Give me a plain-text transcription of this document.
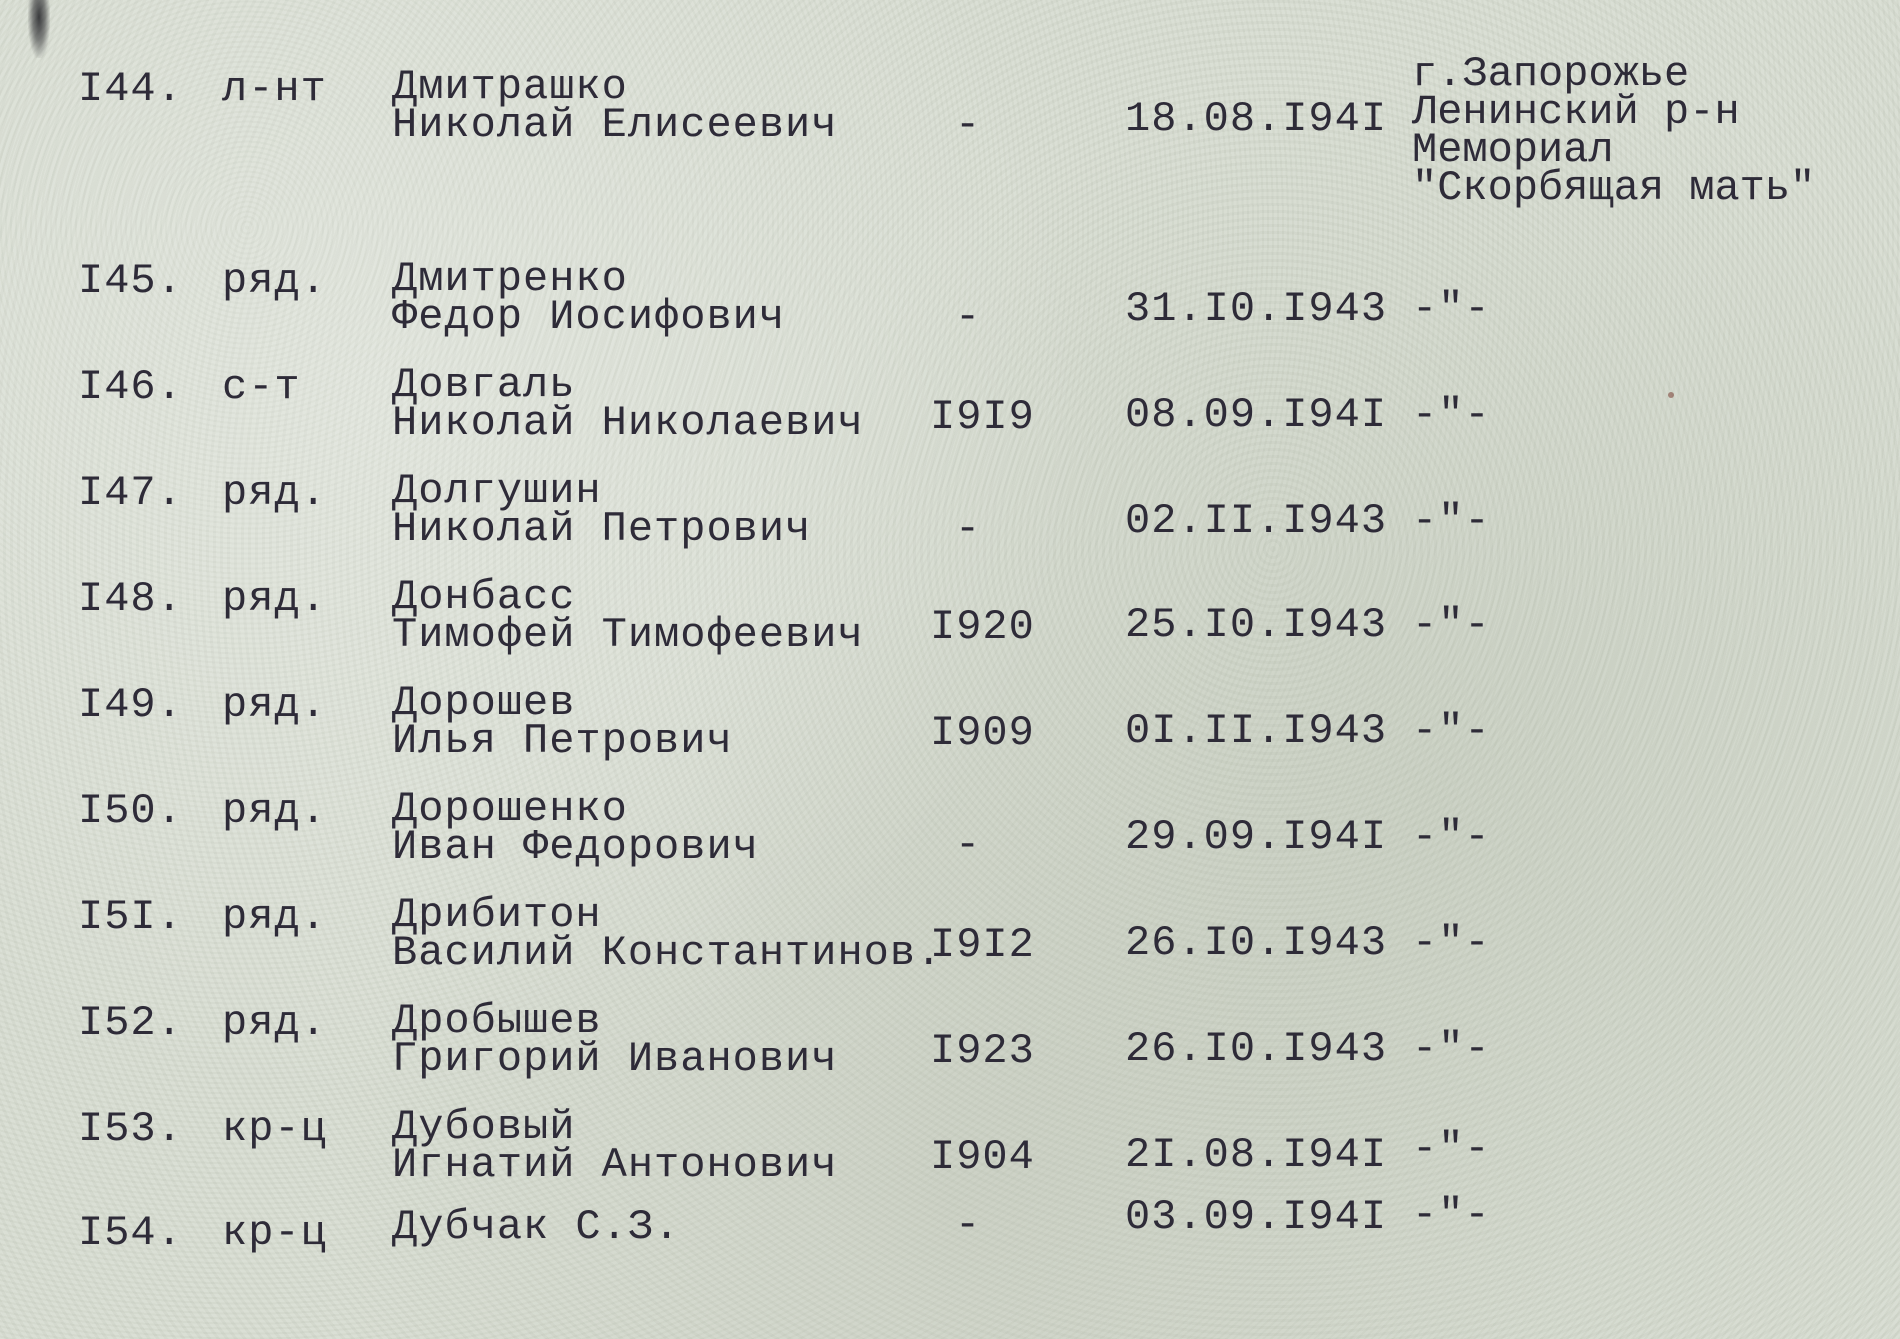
I44. л-нт Дмитрашко
Николай Елисеевич	-	18.08.I94I
г.Запорожье
Ленинский р-н
Мемориал
"Скорбящая мать"
I45. ряд. Дмитренко
Федор Иосифович	-	31.I0.I943 -"-
I46. с-т Довгаль
Николай Николаевич I9I9 08.09.I94I -"-
I47. ряд. Долгушин
Николай Петрович	-	02.II.I943 -"-
I48. ряд. Донбасс
Тимофей Тимофеевич I920 25.I0.I943 -"-
I49. ряд. Дорошев
Илья Петрович	I909 0I.II.I943 -"-
I50. ряд. Дорошенко
Иван Федорович	-	29.09.I94I -"-
I5I. ряд. Дрибитон
Василий Константинов.
I9I2 26.I0.I943 -"-
I52. ряд. Дробышев
Григорий Иванович I923 26.I0.I943 -"-
I53. кр-ц Дубовый
Игнатий Антонович I904 2I.08.I94I -"-
I54. кр-ц Дубчак С.З.	-	03.09.I94I -"-
